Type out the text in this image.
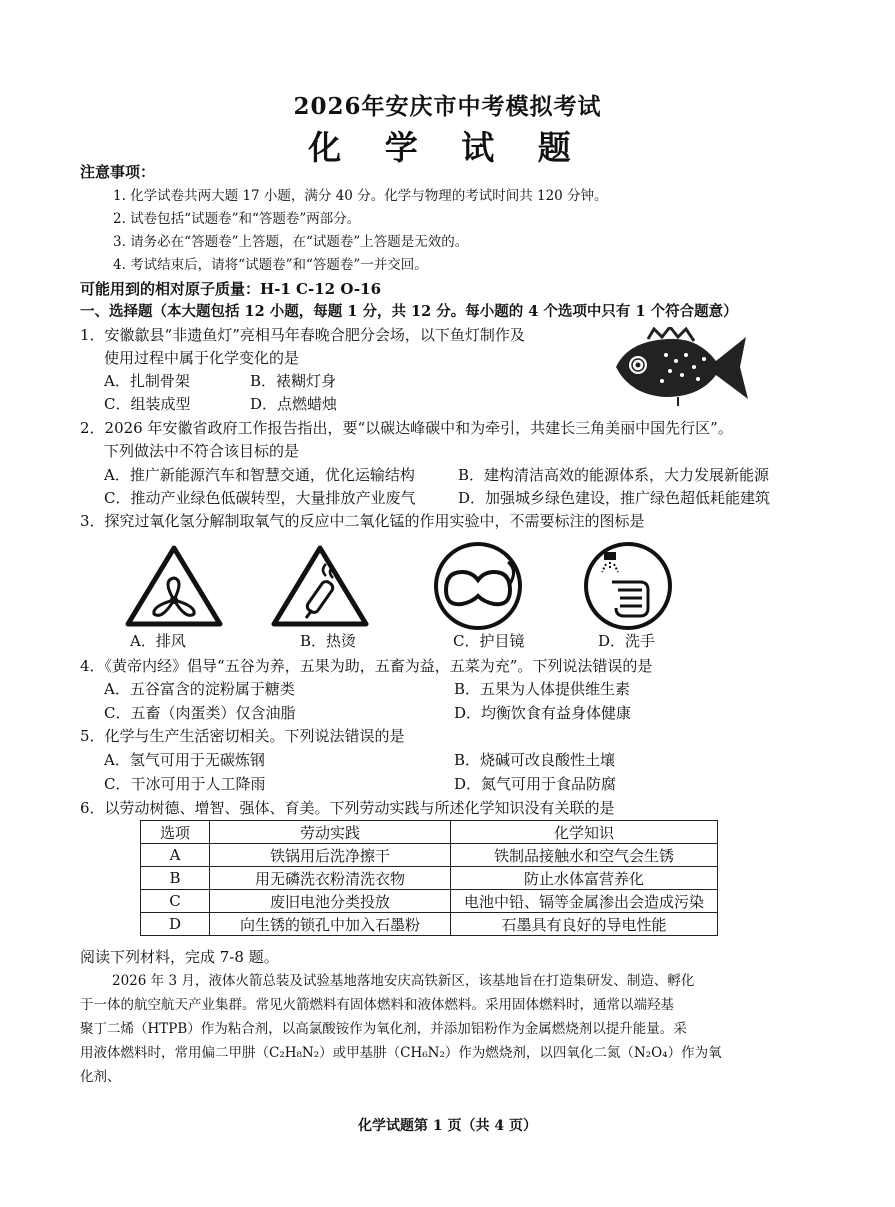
2026年安庆市中考模拟考试
化 学 试 题
注意事项：
1. 化学试卷共两大题 17 小题，满分 40 分。化学与物理的考试时间共 120 分钟。
2. 试卷包括“试题卷”和“答题卷”两部分。
3. 请务必在“答题卷”上答题，在“试题卷”上答题是无效的。
4. 考试结束后，请将“试题卷”和“答题卷”一并交回。
可能用到的相对原子质量：H-1 C-12 O-16
一、选择题（本大题包括 12 小题，每题 1 分，共 12 分。每小题的 4 个选项中只有 1 个符合题意）
1．安徽歙县“非遗鱼灯”亮相马年春晚合肥分会场，以下鱼灯制作及
使用过程中属于化学变化的是
A．扎制骨架	B．裱糊灯身
C．组装成型	D．点燃蜡烛
2．2026 年安徽省政府工作报告指出，要“以碳达峰碳中和为牵引，共建长三角美丽中国先行区”。
下列做法中不符合该目标的是
A．推广新能源汽车和智慧交通，优化运输结构	B．建构清洁高效的能源体系，大力发展新能源
C．推动产业绿色低碳转型，大量排放产业废气	D．加强城乡绿色建设，推广绿色超低耗能建筑
3．探究过氧化氢分解制取氧气的反应中二氧化锰的作用实验中，不需要标注的图标是
A．排风	B．热烫	C．护目镜	D．洗手
4．《黄帝内经》倡导“五谷为养，五果为助，五畜为益，五菜为充”。下列说法错误的是
A．五谷富含的淀粉属于糖类	B．五果为人体提供维生素
C．五畜（肉蛋类）仅含油脂	D．均衡饮食有益身体健康
5．化学与生产生活密切相关。下列说法错误的是
A．氢气可用于无碳炼钢	B．烧碱可改良酸性土壤
C．干冰可用于人工降雨	D．氮气可用于食品防腐
6．以劳动树德、增智、强体、育美。下列劳动实践与所述化学知识没有关联的是
选项	劳动实践	化学知识
A	铁锅用后洗净擦干	铁制品接触水和空气会生锈
B	用无磷洗衣粉清洗衣物	防止水体富营养化
C	废旧电池分类投放	电池中铅、镉等金属渗出会造成污染
D	向生锈的锁孔中加入石墨粉	石墨具有良好的导电性能
阅读下列材料，完成 7-8 题。
2026 年 3 月，液体火箭总装及试验基地落地安庆高铁新区，该基地旨在打造集研发、制造、孵化
于一体的航空航天产业集群。常见火箭燃料有固体燃料和液体燃料。采用固体燃料时，通常以端羟基
聚丁二烯（HTPB）作为粘合剂，以高氯酸铵作为氧化剂，并添加铝粉作为金属燃烧剂以提升能量。采
用液体燃料时，常用偏二甲肼（C₂H₈N₂）或甲基肼（CH₆N₂）作为燃烧剂，以四氧化二氮（N₂O₄）作为氧
化剂、
化学试题第 1 页（共 4 页）
